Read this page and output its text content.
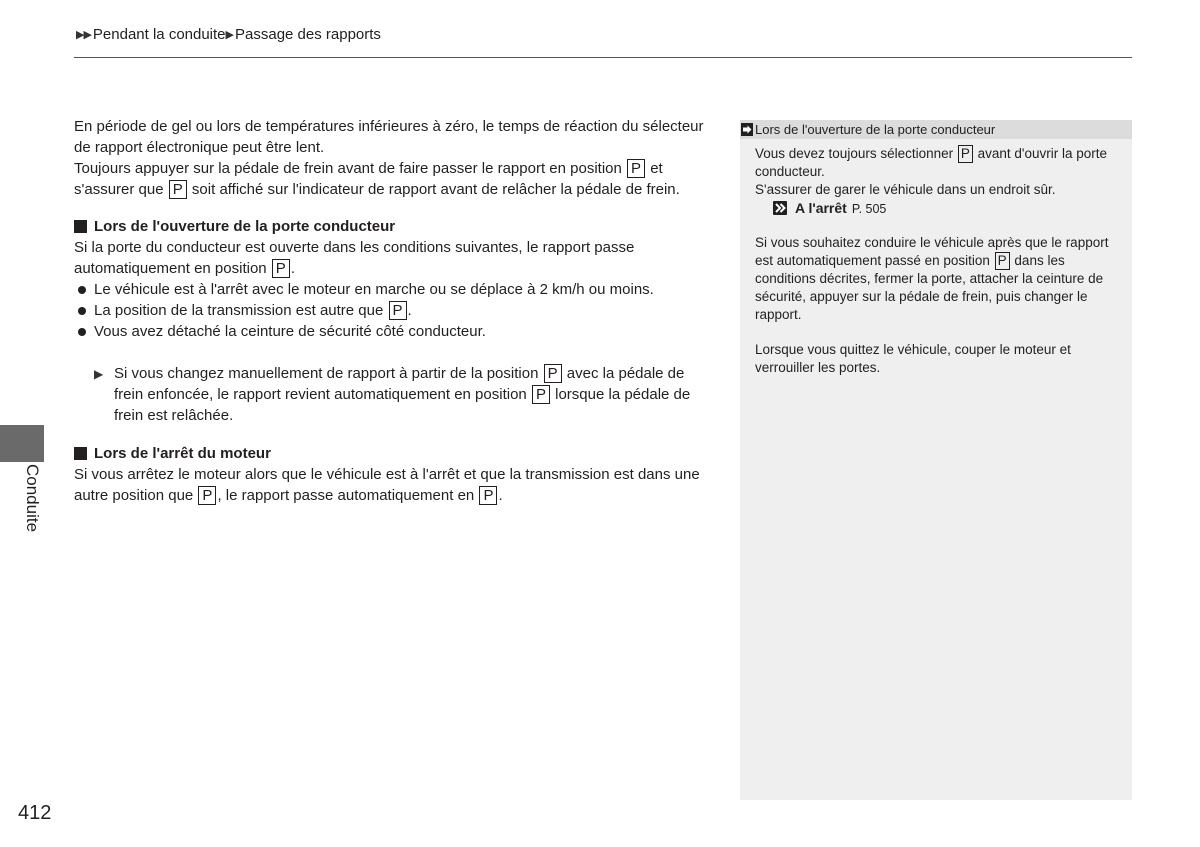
▶▶ Pendant la conduite ▶ Passage des rapports
En période de gel ou lors de températures inférieures à zéro, le temps de réaction du sélecteur
de rapport électronique peut être lent.
Toujours appuyer sur la pédale de frein avant de faire passer le rapport en position P et
s'assurer que P soit affiché sur l'indicateur de rapport avant de relâcher la pédale de frein.
Lors de l'ouverture de la porte conducteur
Si la porte du conducteur est ouverte dans les conditions suivantes, le rapport passe
automatiquement en position P .
Le véhicule est à l'arrêt avec le moteur en marche ou se déplace à 2 km/h ou moins.
La position de la transmission est autre que P .
Vous avez détaché la ceinture de sécurité côté conducteur.
▶ Si vous changez manuellement de rapport à partir de la position P avec la pédale de
frein enfoncée, le rapport revient automatiquement en position P lorsque la pédale de
frein est relâchée.
Lors de l'arrêt du moteur
Si vous arrêtez le moteur alors que le véhicule est à l'arrêt et que la transmission est dans une
autre position que P , le rapport passe automatiquement en P .
Lors de l'ouverture de la porte conducteur
Vous devez toujours sélectionner P avant d'ouvrir la porte
conducteur.
S'assurer de garer le véhicule dans un endroit sûr.
A l'arrêt P. 505
Si vous souhaitez conduire le véhicule après que le rapport
est automatiquement passé en position P dans les
conditions décrites, fermer la porte, attacher la ceinture de
sécurité, appuyer sur la pédale de frein, puis changer le
rapport.
Lorsque vous quittez le véhicule, couper le moteur et
verrouiller les portes.
Conduite
412
